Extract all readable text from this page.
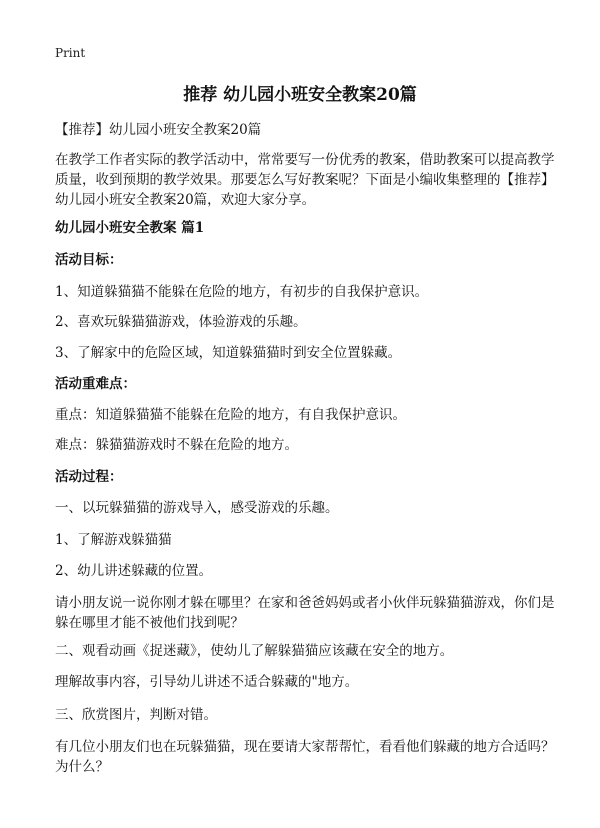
Print
推荐 幼儿园小班安全教案20篇
【推荐】幼儿园小班安全教案20篇
在教学工作者实际的教学活动中，常常要写一份优秀的教案，借助教案可以提高教学质量，收到预期的教学效果。那要怎么写好教案呢？下面是小编收集整理的【推荐】幼儿园小班安全教案20篇，欢迎大家分享。
幼儿园小班安全教案 篇1
活动目标：
1、知道躲猫猫不能躲在危险的地方，有初步的自我保护意识。
2、喜欢玩躲猫猫游戏，体验游戏的乐趣。
3、了解家中的危险区域，知道躲猫猫时到安全位置躲藏。
活动重难点：
重点：知道躲猫猫不能躲在危险的地方，有自我保护意识。
难点：躲猫猫游戏时不躲在危险的地方。
活动过程：
一、以玩躲猫猫的游戏导入，感受游戏的乐趣。
1、了解游戏躲猫猫
2、幼儿讲述躲藏的位置。
请小朋友说一说你刚才躲在哪里？在家和爸爸妈妈或者小伙伴玩躲猫猫游戏，你们是躲在哪里才能不被他们找到呢？
二、观看动画《捉迷藏》，使幼儿了解躲猫猫应该藏在安全的地方。
理解故事内容，引导幼儿讲述不适合躲藏的"地方。
三、欣赏图片，判断对错。
有几位小朋友们也在玩躲猫猫，现在要请大家帮帮忙，看看他们躲藏的地方合适吗？为什么？
